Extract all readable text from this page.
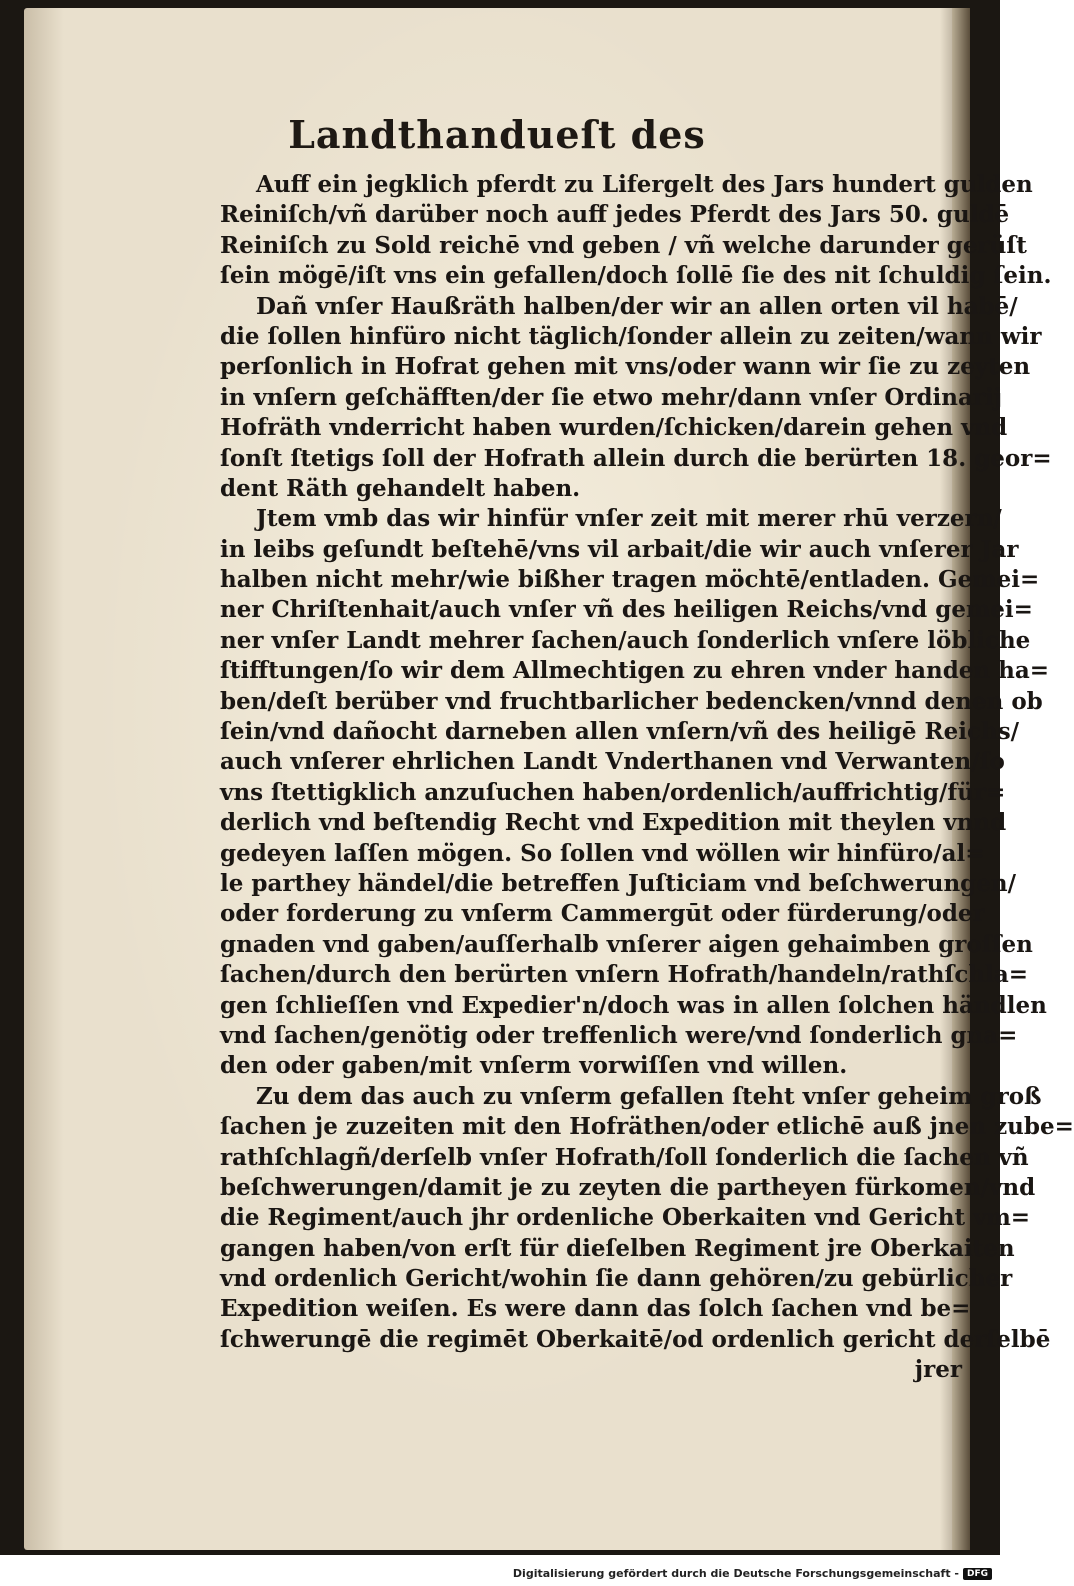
Landthandueſt des
Auff ein jegklich pferdt zu Lifergelt des Jars hundert gulden
Reiniſch/vñ darüber noch auff jedes Pferdt des Jars 50. guldē
Reiniſch zu Sold reichē vnd geben / vñ welche darunder gerüſt
ſein mögē/iſt vns ein gefallen/doch ſollē ſie des nit ſchuldig ſein.
Dañ vnſer Haußräth halben/der wir an allen orten vil habē/
die ſollen hinfüro nicht täglich/ſonder allein zu zeiten/wann wir
perſonlich in Hofrat gehen mit vns/oder wann wir ſie zu zeyten
in vnſern geſchäfften/der ſie etwo mehr/dann vnſer Ordinarij
Hofräth vnderricht haben wurden/ſchicken/darein gehen vnd
ſonſt ſtetigs ſoll der Hofrath allein durch die berürten 18. geor=
dent Räth gehandelt haben.
Jtem vmb das wir hinfür vnſer zeit mit merer rhū verzern/
in leibs geſundt beſtehē/vns vil arbait/die wir auch vnſerer Jar
halben nicht mehr/wie bißher tragen möchtē/entladen. Gemei=
ner Chriſtenhait/auch vnſer vñ des heiligen Reichs/vnd gemei=
ner vnſer Landt mehrer ſachen/auch ſonderlich vnſere löbliche
ſtifftungen/ſo wir dem Allmechtigen zu ehren vnder handen ha=
ben/deſt berüber vnd fruchtbarlicher bedencken/vnnd denen ob
ſein/vnd dañocht darneben allen vnſern/vñ des heiligē Reichs/
auch vnſerer ehrlichen Landt Vnderthanen vnd Verwanten/ſo
vns ſtettigklich anzuſuchen haben/ordenlich/auffrichtig/für=
derlich vnd beſtendig Recht vnd Expedition mit theylen vnnd
gedeyen laſſen mögen. So ſollen vnd wöllen wir hinfüro/al=
le parthey händel/die betreffen Juſticiam vnd beſchwerungen/
oder forderung zu vnſerm Cammergūt oder fürderung/oder
gnaden vnd gaben/auſſerhalb vnſerer aigen gehaimben groſſen
ſachen/durch den berürten vnſern Hofrath/handeln/rathſchla=
gen ſchlieſſen vnd Expedier'n/doch was in allen ſolchen händlen
vnd ſachen/genötig oder treffenlich were/vnd ſonderlich gna=
den oder gaben/mit vnſerm vorwiſſen vnd willen.
Zu dem das auch zu vnſerm gefallen ſteht vnſer geheim groß
ſachen je zuzeiten mit den Hofräthen/oder etlichē auß jnen zube=
rathſchlagñ/derſelb vnſer Hofrath/ſoll ſonderlich die ſachen vñ
beſchwerungen/damit je zu zeyten die partheyen fürkomen/vnd
die Regiment/auch jhr ordenliche Oberkaiten vnd Gericht vm=
gangen haben/von erſt für dieſelben Regiment jre Oberkaiten
vnd ordenlich Gericht/wohin ſie dann gehören/zu gebürlicher
Expedition weiſen. Es were dann das ſolch ſachen vnd be=
ſchwerungē die regimēt Oberkaitē/od ordenlich gericht derſelbē
jrer
Digitalisierung gefördert durch die Deutsche Forschungsgemeinschaft - DFG
